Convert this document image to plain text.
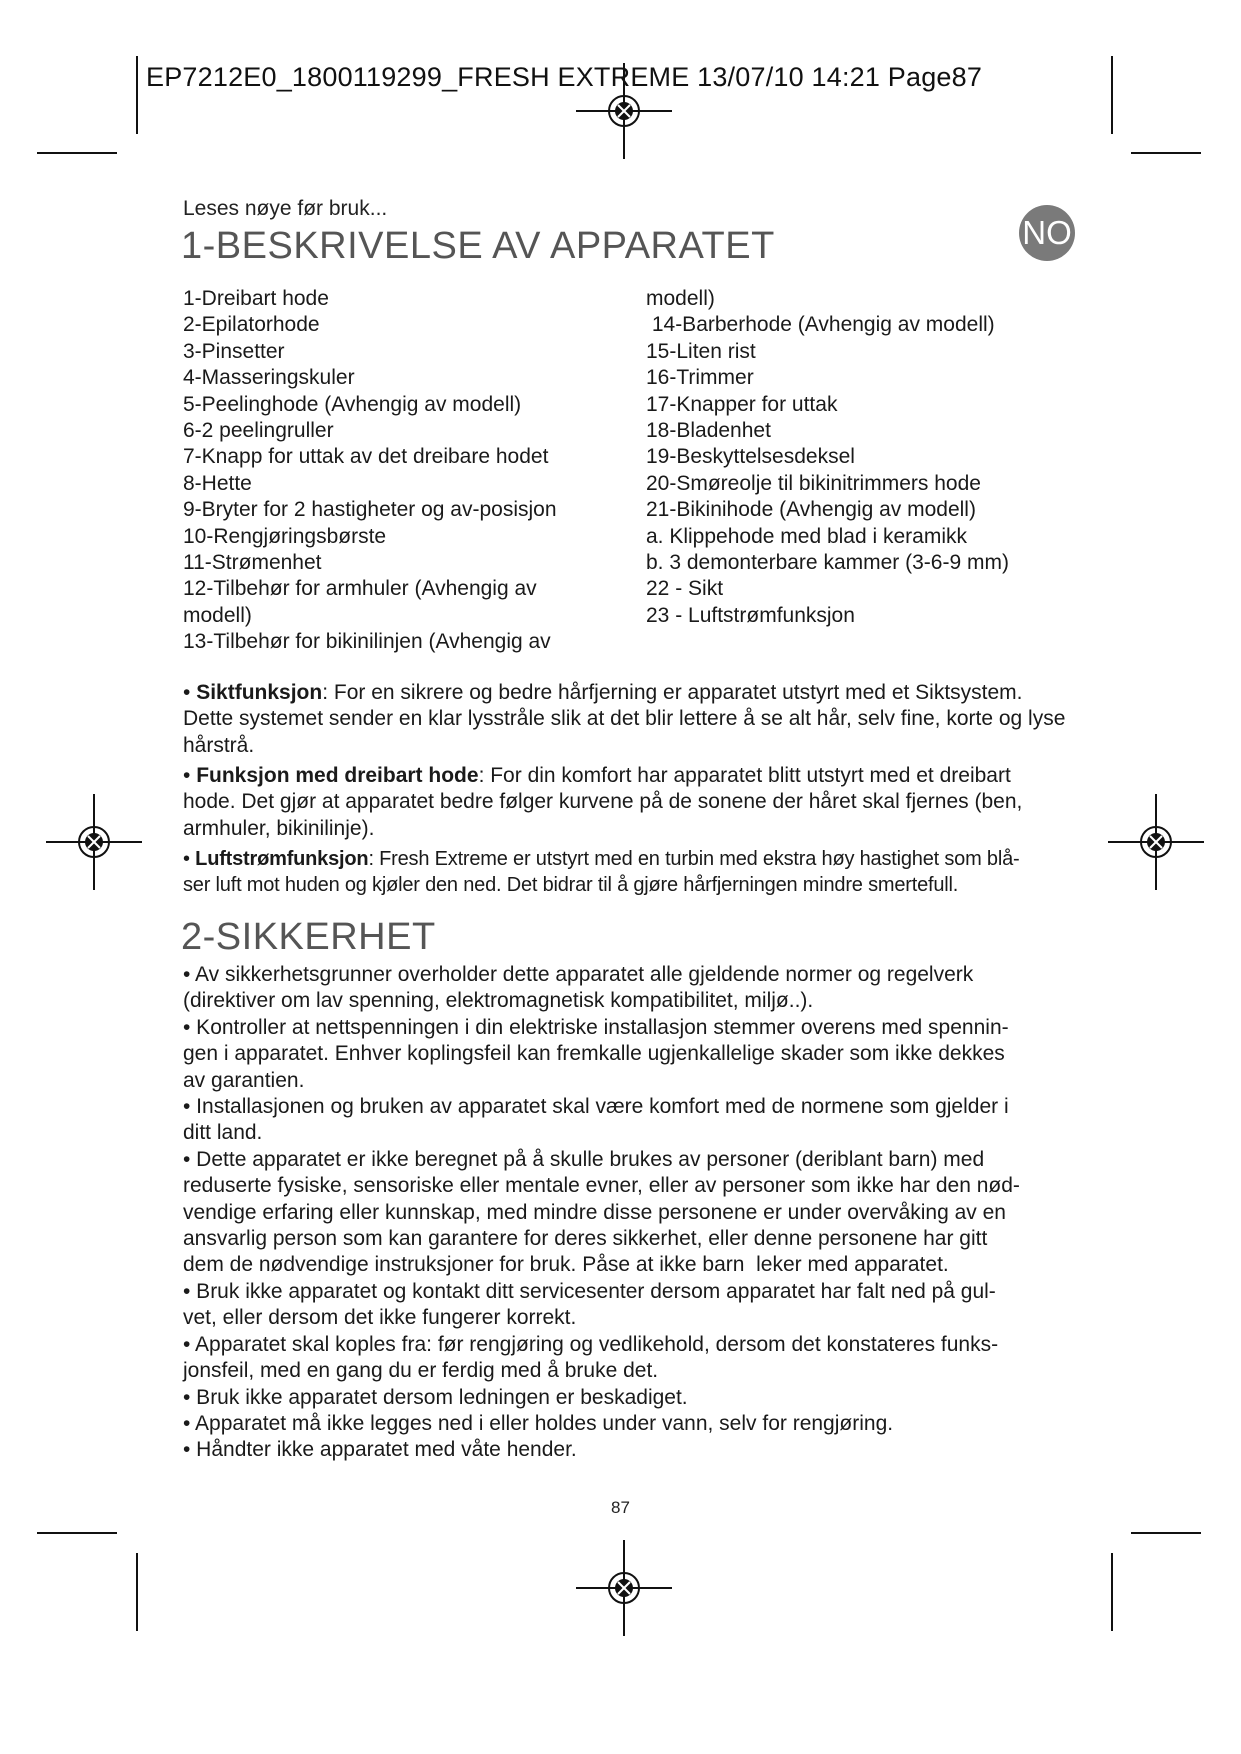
EP7212E0_1800119299_FRESH EXTREME 13/07/10 14:21 Page87
Leses nøye før bruk...
1-BESKRIVELSE AV APPARATET	NO
1-Dreibart hode
2-Epilatorhode
3-Pinsetter
4-Masseringskuler
5-Peelinghode (Avhengig av modell)
6-2 peelingruller
7-Knapp for uttak av det dreibare hodet
8-Hette
9-Bryter for 2 hastigheter og av-posisjon
10-Rengjøringsbørste
11-Strømenhet
12-Tilbehør for armhuler (Avhengig av
modell)
13-Tilbehør for bikinilinjen (Avhengig av
modell)
14-Barberhode (Avhengig av modell)
15-Liten rist
16-Trimmer
17-Knapper for uttak
18-Bladenhet
19-Beskyttelsesdeksel
20-Smøreolje til bikinitrimmers hode
21-Bikinihode (Avhengig av modell)
a. Klippehode med blad i keramikk
b. 3 demonterbare kammer (3-6-9 mm)
22 - Sikt
23 - Luftstrømfunksjon
• Siktfunksjon: For en sikrere og bedre hårfjerning er apparatet utstyrt med et Siktsystem.
Dette systemet sender en klar lysstråle slik at det blir lettere å se alt hår, selv fine, korte og lyse
hårstrå.
• Funksjon med dreibart hode: For din komfort har apparatet blitt utstyrt med et dreibart
hode. Det gjør at apparatet bedre følger kurvene på de sonene der håret skal fjernes (ben,
armhuler, bikinilinje).
• Luftstrømfunksjon: Fresh Extreme er utstyrt med en turbin med ekstra høy hastighet som blå-
ser luft mot huden og kjøler den ned. Det bidrar til å gjøre hårfjerningen mindre smertefull.
2-SIKKERHET
• Av sikkerhetsgrunner overholder dette apparatet alle gjeldende normer og regelverk
(direktiver om lav spenning, elektromagnetisk kompatibilitet, miljø..).
• Kontroller at nettspenningen i din elektriske installasjon stemmer overens med spennin-
gen i apparatet. Enhver koplingsfeil kan fremkalle ugjenkallelige skader som ikke dekkes
av garantien.
• Installasjonen og bruken av apparatet skal være komfort med de normene som gjelder i
ditt land.
• Dette apparatet er ikke beregnet på å skulle brukes av personer (deriblant barn) med
reduserte fysiske, sensoriske eller mentale evner, eller av personer som ikke har den nød-
vendige erfaring eller kunnskap, med mindre disse personene er under overvåking av en
ansvarlig person som kan garantere for deres sikkerhet, eller denne personene har gitt
dem de nødvendige instruksjoner for bruk. Påse at ikke barn  leker med apparatet.
• Bruk ikke apparatet og kontakt ditt servicesenter dersom apparatet har falt ned på gul-
vet, eller dersom det ikke fungerer korrekt.
• Apparatet skal koples fra: før rengjøring og vedlikehold, dersom det konstateres funks-
jonsfeil, med en gang du er ferdig med å bruke det.
• Bruk ikke apparatet dersom ledningen er beskadiget.
• Apparatet må ikke legges ned i eller holdes under vann, selv for rengjøring.
• Håndter ikke apparatet med våte hender.
87
